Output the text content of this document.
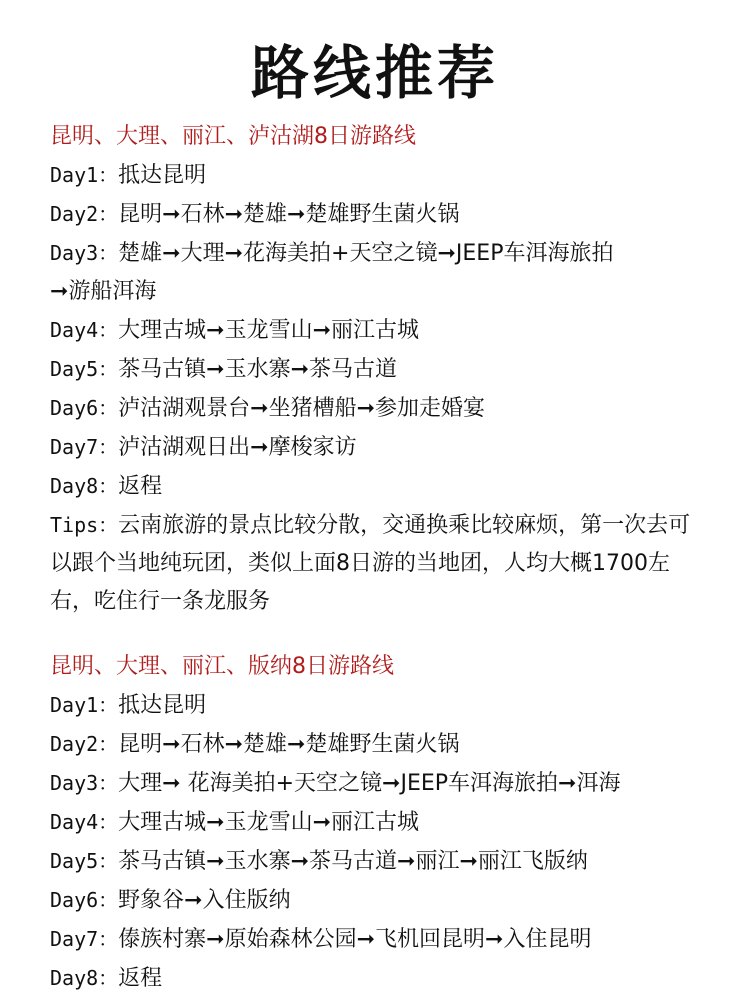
路线推荐
昆明、大理、丽江、泸沽湖8日游路线
Day1：抵达昆明
Day2：昆明➞石林➞楚雄➞楚雄野生菌火锅
Day3：楚雄➞大理➞花海美拍+天空之镜➞JEEP车洱海旅拍
➞游船洱海
Day4：大理古城➞玉龙雪山➞丽江古城
Day5：茶马古镇➞玉水寨➞茶马古道
Day6：泸沽湖观景台➞坐猪槽船➞参加走婚宴
Day7：泸沽湖观日出➞摩梭家访
Day8：返程
Tips：云南旅游的景点比较分散，交通换乘比较麻烦，第一次去可以跟个当地纯玩团，类似上面8日游的当地团，人均大概1700左右，吃住行一条龙服务
昆明、大理、丽江、版纳8日游路线
Day1：抵达昆明
Day2：昆明➞石林➞楚雄➞楚雄野生菌火锅
Day3：大理➞ 花海美拍+天空之镜➞JEEP车洱海旅拍➞洱海
Day4：大理古城➞玉龙雪山➞丽江古城
Day5：茶马古镇➞玉水寨➞茶马古道➞丽江➞丽江飞版纳
Day6：野象谷➞入住版纳
Day7：傣族村寨➞原始森林公园➞飞机回昆明➞入住昆明
Day8：返程
